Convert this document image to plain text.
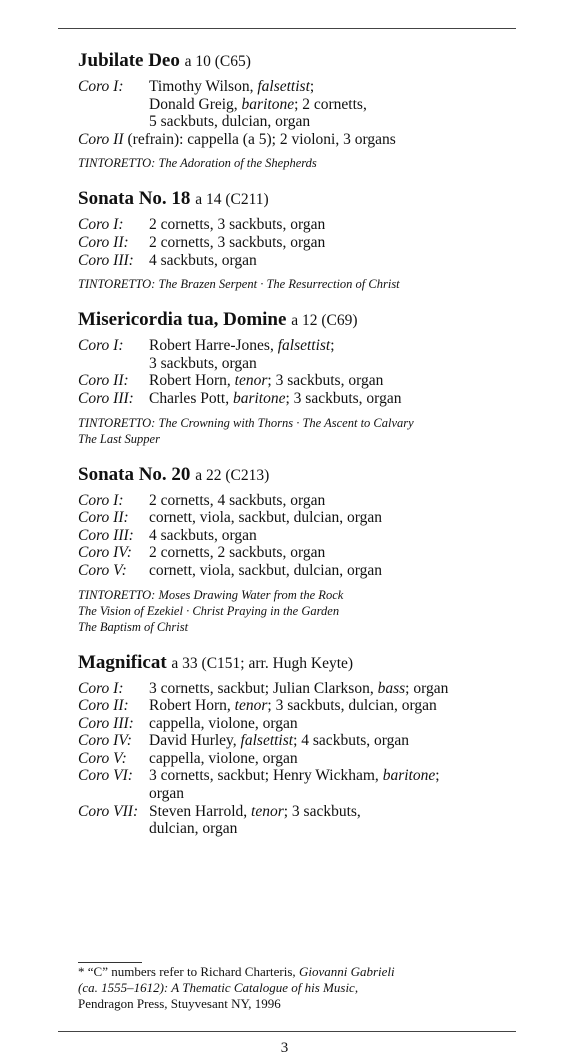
Jubilate Deo a 10 (C65)
Coro I:	Timothy Wilson, falsettist;
Donald Greig, baritone; 2 cornetts,
5 sackbuts, dulcian, organ
Coro II (refrain): cappella (a 5); 2 violoni, 3 organs
TINTORETTO: The Adoration of the Shepherds
Sonata No. 18 a 14 (C211)
Coro I:	2 cornetts, 3 sackbuts, organ
Coro II:	2 cornetts, 3 sackbuts, organ
Coro III: 4 sackbuts, organ
TINTORETTO: The Brazen Serpent · The Resurrection of Christ
Misericordia tua, Domine a 12 (C69)
Coro I:	Robert Harre-Jones, falsettist;
3 sackbuts, organ
Coro II:	Robert Horn, tenor; 3 sackbuts, organ
Coro III: Charles Pott, baritone; 3 sackbuts, organ
TINTORETTO: The Crowning with Thorns · The Ascent to Calvary
The Last Supper
Sonata No. 20 a 22 (C213)
Coro I:	2 cornetts, 4 sackbuts, organ
Coro II:	cornett, viola, sackbut, dulcian, organ
Coro III: 4 sackbuts, organ
Coro IV:	2 cornetts, 2 sackbuts, organ
Coro V:	cornett, viola, sackbut, dulcian, organ
TINTORETTO: Moses Drawing Water from the Rock
The Vision of Ezekiel · Christ Praying in the Garden
The Baptism of Christ
Magnificat a 33 (C151; arr. Hugh Keyte)
Coro I:	3 cornetts, sackbut; Julian Clarkson, bass; organ
Coro II:	Robert Horn, tenor; 3 sackbuts, dulcian, organ
Coro III: cappella, violone, organ
Coro IV:	David Hurley, falsettist; 4 sackbuts, organ
Coro V:	cappella, violone, organ
Coro VI:	3 cornetts, sackbut; Henry Wickham, baritone;
organ
Coro VII: Steven Harrold, tenor; 3 sackbuts,
dulcian, organ
* “C” numbers refer to Richard Charteris, Giovanni Gabrieli
(ca. 1555–1612): A Thematic Catalogue of his Music,
Pendragon Press, Stuyvesant NY, 1996
3
